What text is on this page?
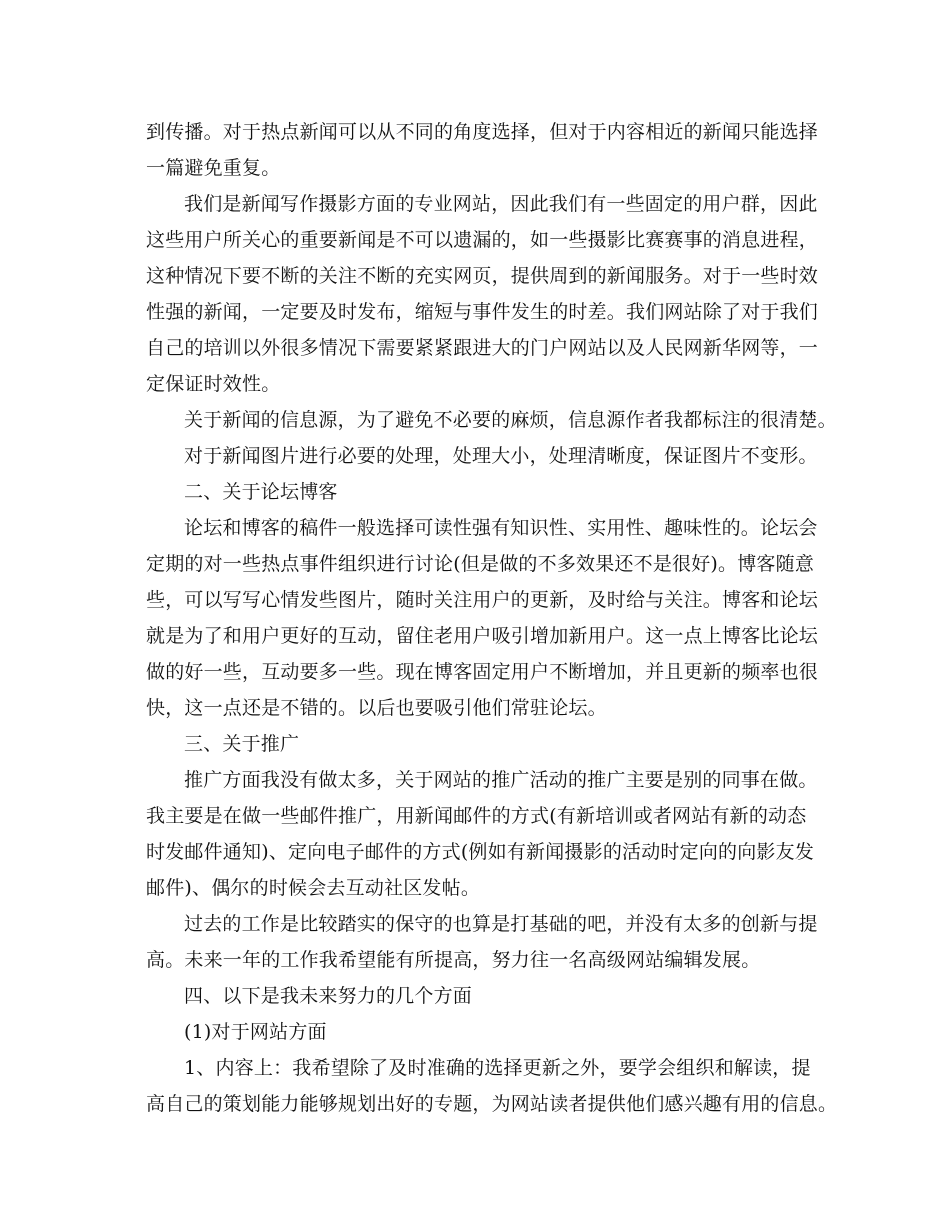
到传播。对于热点新闻可以从不同的角度选择，但对于内容相近的新闻只能选择
一篇避免重复。
我们是新闻写作摄影方面的专业网站，因此我们有一些固定的用户群，因此
这些用户所关心的重要新闻是不可以遗漏的，如一些摄影比赛赛事的消息进程，
这种情况下要不断的关注不断的充实网页，提供周到的新闻服务。对于一些时效
性强的新闻，一定要及时发布，缩短与事件发生的时差。我们网站除了对于我们
自己的培训以外很多情况下需要紧紧跟进大的门户网站以及人民网新华网等，一
定保证时效性。
关于新闻的信息源，为了避免不必要的麻烦，信息源作者我都标注的很清楚。
对于新闻图片进行必要的处理，处理大小，处理清晰度，保证图片不变形。
二、关于论坛博客
论坛和博客的稿件一般选择可读性强有知识性、实用性、趣味性的。论坛会
定期的对一些热点事件组织进行讨论(但是做的不多效果还不是很好)。博客随意
些，可以写写心情发些图片，随时关注用户的更新，及时给与关注。博客和论坛
就是为了和用户更好的互动，留住老用户吸引增加新用户。这一点上博客比论坛
做的好一些，互动要多一些。现在博客固定用户不断增加，并且更新的频率也很
快，这一点还是不错的。以后也要吸引他们常驻论坛。
三、关于推广
推广方面我没有做太多，关于网站的推广活动的推广主要是别的同事在做。
我主要是在做一些邮件推广，用新闻邮件的方式(有新培训或者网站有新的动态
时发邮件通知)、定向电子邮件的方式(例如有新闻摄影的活动时定向的向影友发
邮件)、偶尔的时候会去互动社区发帖。
过去的工作是比较踏实的保守的也算是打基础的吧，并没有太多的创新与提
高。未来一年的工作我希望能有所提高，努力往一名高级网站编辑发展。
四、以下是我未来努力的几个方面
(1)对于网站方面
1、内容上：我希望除了及时准确的选择更新之外，要学会组织和解读，提
高自己的策划能力能够规划出好的专题，为网站读者提供他们感兴趣有用的信息。
